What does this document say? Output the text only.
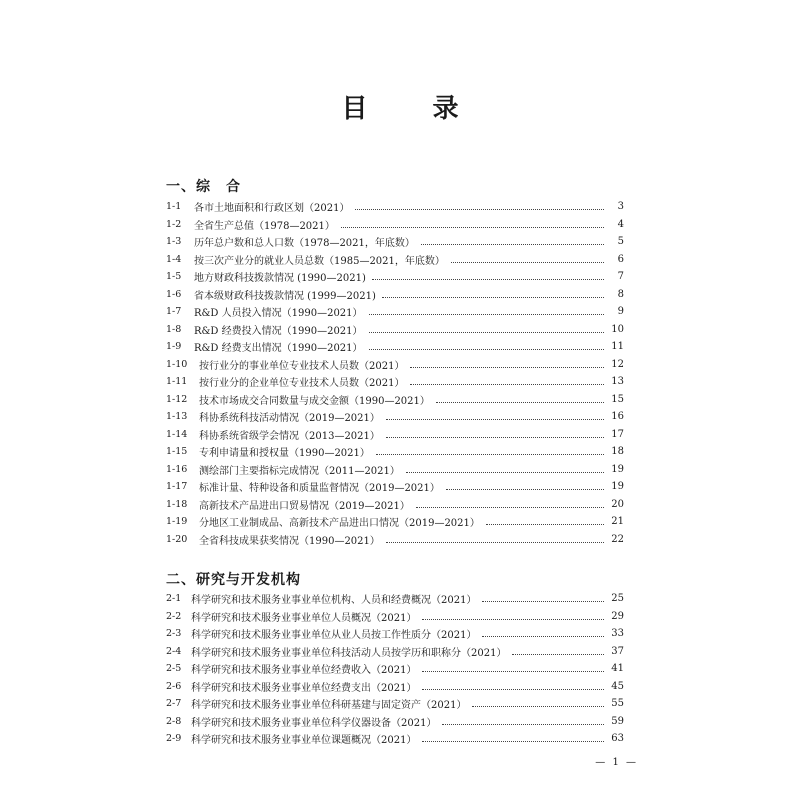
目 录
一、综　合
1-1	各市土地面积和行政区划（2021）	3
1-2	全省生产总值（1978—2021）	4
1-3	历年总户数和总人口数（1978—2021，年底数）	5
1-4	按三次产业分的就业人员总数（1985—2021，年底数）	6
1-5	地方财政科技拨款情况 (1990—2021)	7
1-6	省本级财政科技拨款情况 (1999—2021)	8
1-7	R&D 人员投入情况（1990—2021）	9
1-8	R&D 经费投入情况（1990—2021）	10
1-9	R&D 经费支出情况（1990—2021）	11
1-10	按行业分的事业单位专业技术人员数（2021）	12
1-11	按行业分的企业单位专业技术人员数（2021）	13
1-12	技术市场成交合同数量与成交金额（1990—2021）	15
1-13	科协系统科技活动情况（2019—2021）	16
1-14	科协系统省级学会情况（2013—2021）	17
1-15	专利申请量和授权量（1990—2021）	18
1-16	测绘部门主要指标完成情况（2011—2021）	19
1-17	标准计量、特种设备和质量监督情况（2019—2021）	19
1-18	高新技术产品进出口贸易情况（2019—2021）	20
1-19	分地区工业制成品、高新技术产品进出口情况（2019—2021）	21
1-20	全省科技成果获奖情况（1990—2021）	22
二、研究与开发机构
2-1 科学研究和技术服务业事业单位机构、人员和经费概况（2021）	25
2-2 科学研究和技术服务业事业单位人员概况（2021）	29
2-3 科学研究和技术服务业事业单位从业人员按工作性质分（2021）	33
2-4 科学研究和技术服务业事业单位科技活动人员按学历和职称分（2021）	37
2-5 科学研究和技术服务业事业单位经费收入（2021）	41
2-6 科学研究和技术服务业事业单位经费支出（2021）	45
2-7 科学研究和技术服务业事业单位科研基建与固定资产（2021）	55
2-8 科学研究和技术服务业事业单位科学仪器设备（2021）	59
2-9 科学研究和技术服务业事业单位课题概况（2021）	63
— 1 —
